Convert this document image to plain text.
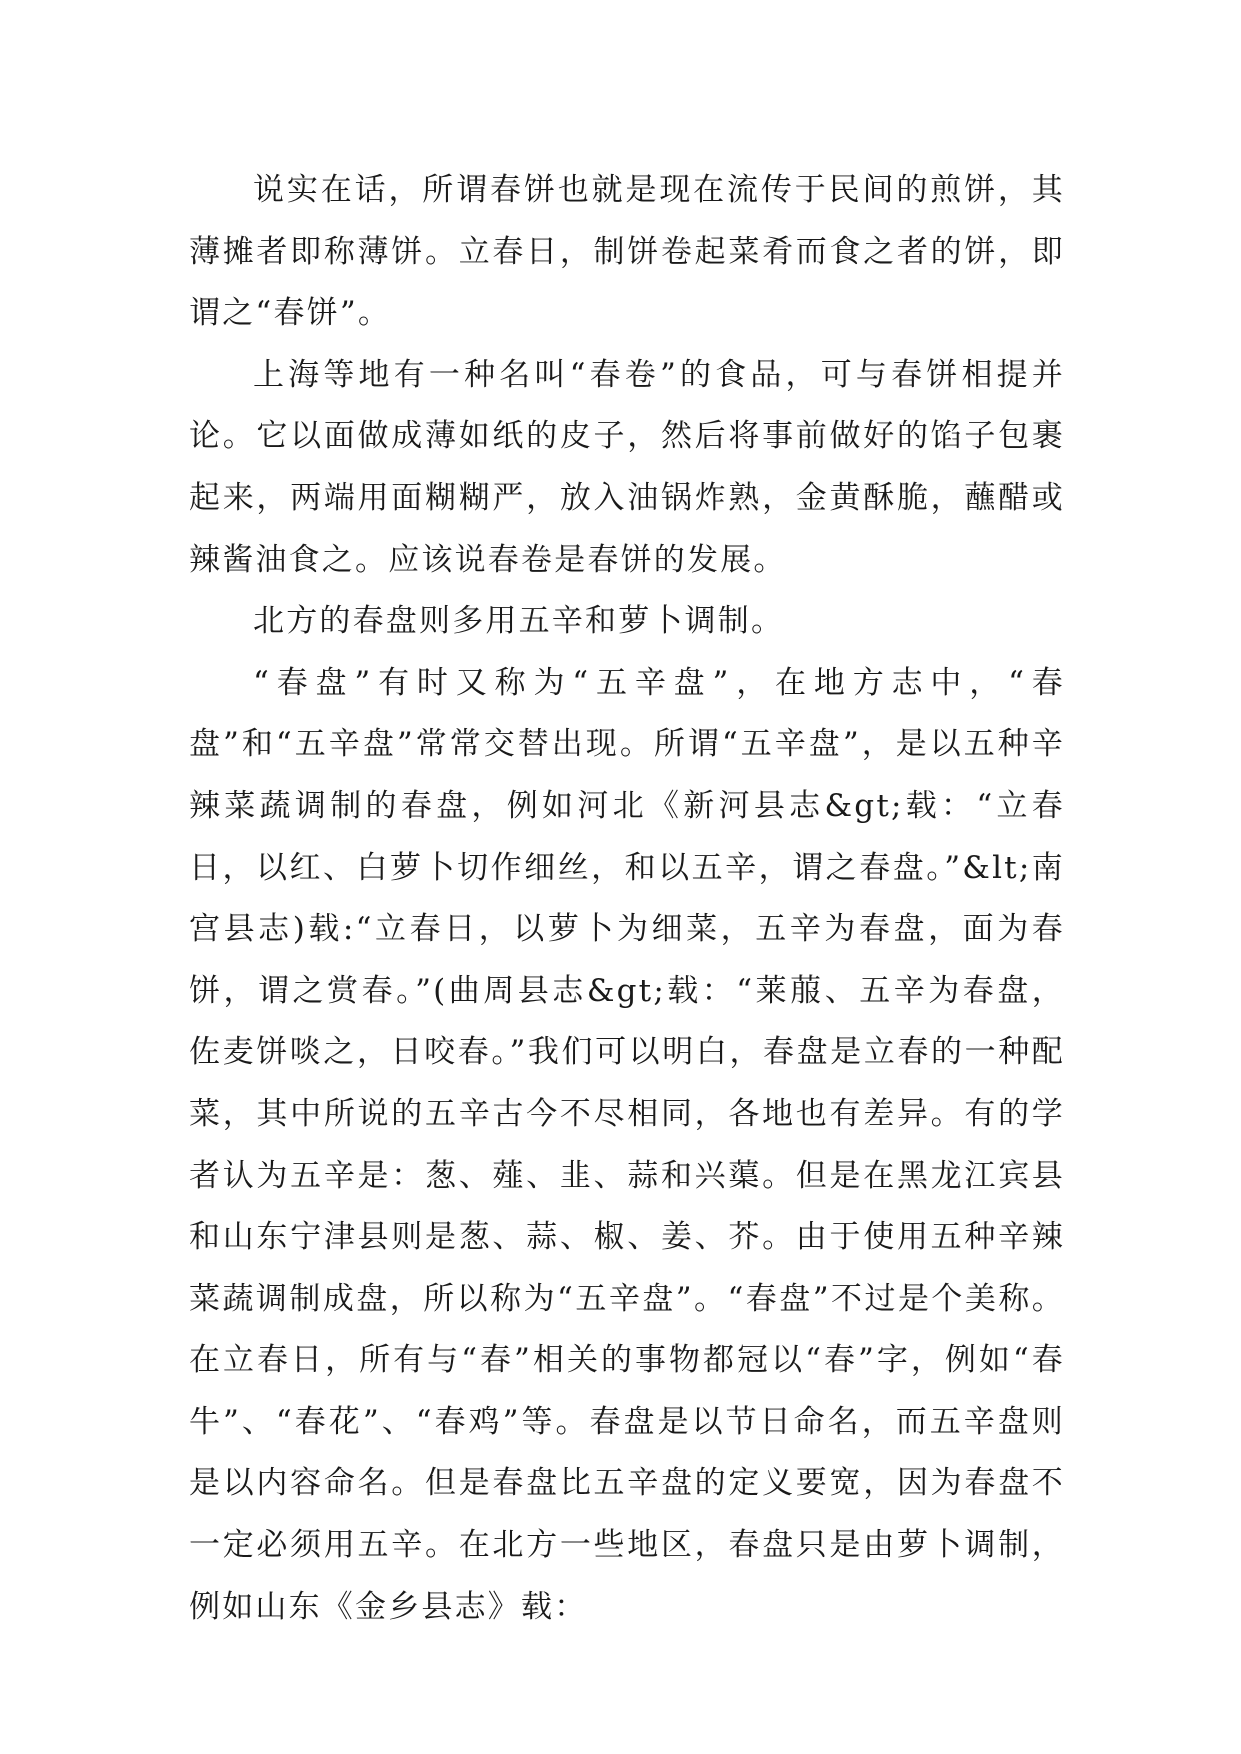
说实在话，所谓春饼也就是现在流传于民间的煎饼，其薄摊者即称薄饼。立春日，制饼卷起菜肴而食之者的饼，即谓之“春饼”。

上海等地有一种名叫“春卷”的食品，可与春饼相提并论。它以面做成薄如纸的皮子，然后将事前做好的馅子包裹起来，两端用面糊糊严，放入油锅炸熟，金黄酥脆，蘸醋或辣酱油食之。应该说春卷是春饼的发展。

北方的春盘则多用五辛和萝卜调制。

“春盘”有时又称为“五辛盘”，在地方志中，“春盘”和“五辛盘”常常交替出现。所谓“五辛盘”，是以五种辛辣菜蔬调制的春盘，例如河北《新河县志&gt;载：“立春日，以红、白萝卜切作细丝，和以五辛，谓之春盘。”&lt;南宫县志)载:“立春日，以萝卜为细菜，五辛为春盘，面为春饼，谓之赏春。”(曲周县志&gt;载：“莱菔、五辛为春盘，佐麦饼啖之，日咬春。”我们可以明白，春盘是立春的一种配菜，其中所说的五辛古今不尽相同，各地也有差异。有的学者认为五辛是：葱、薤、韭、蒜和兴蕖。但是在黑龙江宾县和山东宁津县则是葱、蒜、椒、姜、芥。由于使用五种辛辣菜蔬调制成盘，所以称为“五辛盘”。“春盘”不过是个美称。在立春日，所有与“春”相关的事物都冠以“春”字，例如“春牛”、“春花”、“春鸡”等。春盘是以节日命名，而五辛盘则是以内容命名。但是春盘比五辛盘的定义要宽，因为春盘不一定必须用五辛。在北方一些地区，春盘只是由萝卜调制，例如山东《金乡县志》载：
